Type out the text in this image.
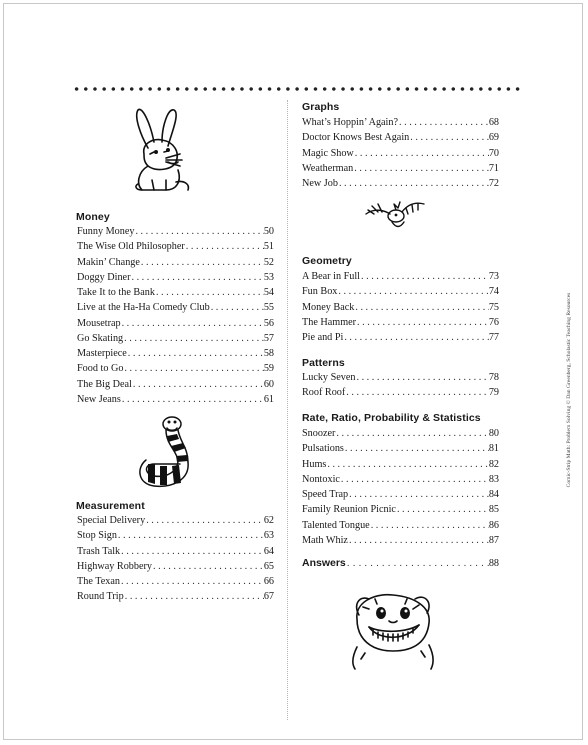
Money
Funny Money . . .	50
The Wise Old Philosopher . . .	51
Makin’ Change . . .	52
Doggy Diner . . .	53
Take It to the Bank . . .	54
Live at the Ha-Ha Comedy Club . . .	55
Mousetrap . . .	56
Go Skating . . .	57
Masterpiece . . .	58
Food to Go . . .	59
The Big Deal . . .	60
New Jeans . . .	61
Measurement
Special Delivery . . .	62
Stop Sign . . .	63
Trash Talk . . .	64
Highway Robbery . . .	65
The Texan . . .	66
Round Trip . . .	67
Graphs
What’s Hoppin’ Again? . . .	68
Doctor Knows Best Again . . .	69
Magic Show . . .	70
Weatherman . . .	71
New Job . . .	72
Geometry
A Bear in Full . . .	73
Fun Box . . .	74
Money Back . . .	75
The Hammer . . .	76
Pie and Pi . . .	77
Patterns
Lucky Seven . . .	78
Roof Roof . . .	79
Rate, Ratio, Probability & Statistics
Snoozer . . .	80
Pulsations . . .	81
Hums . . .	82
Nontoxic . . .	83
Speed Trap . . .	84
Family Reunion Picnic . . .	85
Talented Tongue . . .	86
Math Whiz . . .	87
Answers . . .	88
Comic-Strip Math: Problem Solving © Dan Greenberg, Scholastic Teaching Resources
